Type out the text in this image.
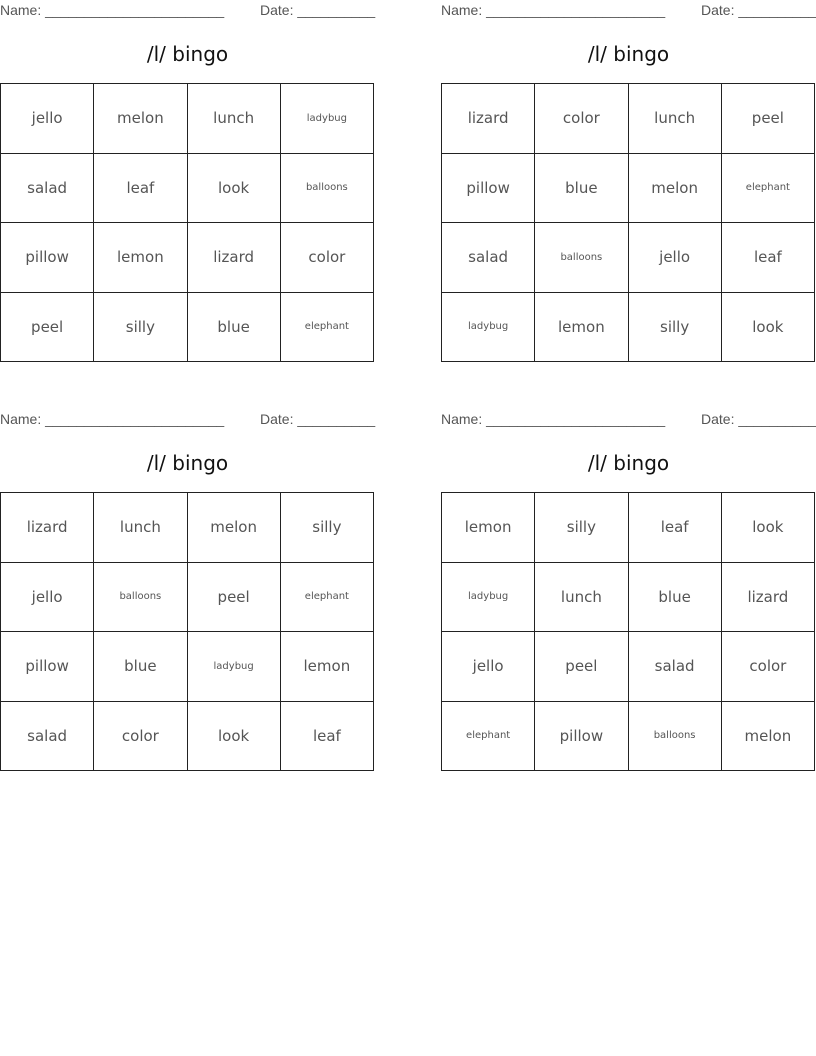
Name: _______________________	Date: __________
/l/ bingo
jello	melon	lunch	ladybug
salad	leaf	look	balloons
pillow	lemon	lizard	color
peel	silly	blue	elephant
Name: _______________________	Date: __________
/l/ bingo
lizard	color	lunch	peel
pillow	blue	melon	elephant
salad	balloons	jello	leaf
ladybug	lemon	silly	look
Name: _______________________	Date: __________
/l/ bingo
lizard	lunch	melon	silly
jello	balloons	peel	elephant
pillow	blue	ladybug	lemon
salad	color	look	leaf
Name: _______________________	Date: __________
/l/ bingo
lemon	silly	leaf	look
ladybug	lunch	blue	lizard
jello	peel	salad	color
elephant	pillow	balloons	melon
